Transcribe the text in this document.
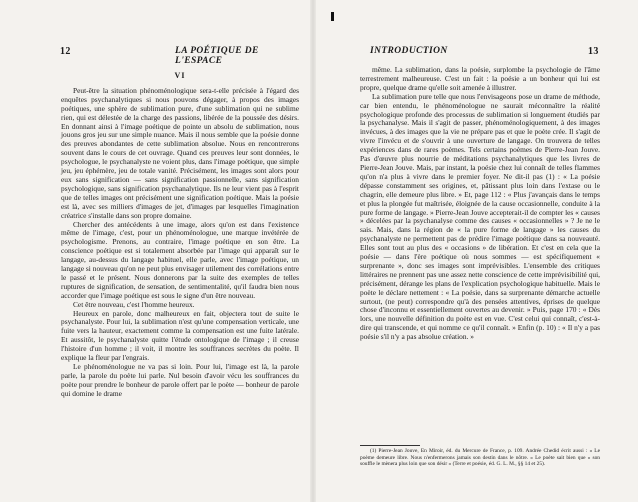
12	LA POÉTIQUE DE L'ESPACE
VI

Peut-être la situation phénoménologique sera-t-elle précisée à l'égard des enquêtes psychanalytiques si nous pouvons dégager, à propos des images poétiques, une sphère de sublimation pure, d'une sublimation qui ne sublime rien, qui est délestée de la charge des passions, libérée de la poussée des désirs. En donnant ainsi à l'image poétique de pointe un absolu de sublimation, nous jouons gros jeu sur une simple nuance. Mais il nous semble que la poésie donne des preuves abondantes de cette sublimation absolue. Nous en rencontrerons souvent dans le cours de cet ouvrage. Quand ces preuves leur sont données, le psychologue, le psychanalyste ne voient plus, dans l'image poétique, que simple jeu, jeu éphémère, jeu de totale vanité. Précisément, les images sont alors pour eux sans signification — sans signification passionnelle, sans signification psychologique, sans signification psychanalytique. Ils ne leur vient pas à l'esprit que de telles images ont précisément une signification poétique. Mais la poésie est là, avec ses milliers d'images de jet, d'images par lesquelles l'imagination créatrice s'installe dans son propre domaine.

Chercher des antécédents à une image, alors qu'on est dans l'existence même de l'image, c'est, pour un phénoménologue, une marque invétérée de psychologisme. Prenons, au contraire, l'image poétique en son être. La conscience poétique est si totalement absorbée par l'image qui apparaît sur le langage, au-dessus du langage habituel, elle parle, avec l'image poétique, un langage si nouveau qu'on ne peut plus envisager utilement des corrélations entre le passé et le présent. Nous donnerons par la suite des exemples de telles ruptures de signification, de sensation, de sentimentalité, qu'il faudra bien nous accorder que l'image poétique est sous le signe d'un être nouveau.

Cet être nouveau, c'est l'homme heureux.

Heureux en parole, donc malheureux en fait, objectera tout de suite le psychanalyste. Pour lui, la sublimation n'est qu'une compensation verticale, une fuite vers la hauteur, exactement comme la compensation est une fuite latérale. Et aussitôt, le psychanalyste quitte l'étude ontologique de l'image ; il creuse l'histoire d'un homme ; il voit, il montre les souffrances secrètes du poète. Il explique la fleur par l'engrais.

Le phénoménologue ne va pas si loin. Pour lui, l'image est là, la parole parle, la parole du poète lui parle. Nul besoin d'avoir vécu les souffrances du poète pour prendre le bonheur de parole offert par le poète — bonheur de parole qui domine le drame

INTRODUCTION	13

même. La sublimation, dans la poésie, surplombe la psychologie de l'âme terrestrement malheureuse. C'est un fait : la poésie a un bonheur qui lui est propre, quelque drame qu'elle soit amenée à illustrer.

La sublimation pure telle que nous l'envisageons pose un drame de méthode, car bien entendu, le phénoménologue ne saurait méconnaître la réalité psychologique profonde des processus de sublimation si longuement étudiés par la psychanalyse. Mais il s'agit de passer, phénoménologiquement, à des images invécues, à des images que la vie ne prépare pas et que le poète crée. Il s'agit de vivre l'invécu et de s'ouvrir à une ouverture de langage. On trouvera de telles expériences dans de rares poèmes. Tels certains poèmes de Pierre-Jean Jouve. Pas d'œuvre plus nourrie de méditations psychanalytiques que les livres de Pierre-Jean Jouve. Mais, par instant, la poésie chez lui connaît de telles flammes qu'on n'a plus à vivre dans le premier foyer. Ne dit-il pas (1) : « La poésie dépasse constamment ses origines, et, pâtissant plus loin dans l'extase ou le chagrin, elle demeure plus libre. » Et, page 112 : « Plus j'avançais dans le temps et plus la plongée fut maîtrisée, éloignée de la cause occasionnelle, conduite à la pure forme de langage. » Pierre-Jean Jouve accepterait-il de compter les « causes » décelées par la psychanalyse comme des causes « occasionnelles » ? Je ne le sais. Mais, dans la région de « la pure forme de langage » les causes du psychanalyste ne permettent pas de prédire l'image poétique dans sa nouveauté. Elles sont tout au plus des « occasions » de libération. Et c'est en cela que la poésie — dans l'ère poétique où nous sommes — est spécifiquement « surprenante », donc ses images sont imprévisibles. L'ensemble des critiques littéraires ne prennent pas une assez nette conscience de cette imprévisibilité qui, précisément, dérange les plans de l'explication psychologique habituelle. Mais le poète le déclare nettement : « La poésie, dans sa surprenante démarche actuelle surtout, (ne peut) correspondre qu'à des pensées attentives, éprises de quelque chose d'inconnu et essentiellement ouvertes au devenir. » Puis, page 170 : « Dès lors, une nouvelle définition du poète est en vue. C'est celui qui connaît, c'est-à-dire qui transcende, et qui nomme ce qu'il connaît. » Enfin (p. 10) : « Il n'y a pas poésie s'il n'y a pas absolue création. »

(1) Pierre-Jean Jouve, En Miroir, éd. du Mercure de France, p. 109. Andrée Chedid écrit aussi : « Le poème demeure libre. Nous n'enfermerons jamais son destin dans le nôtre. » Le poète sait bien que « son souffle le mènera plus loin que son désir » (Terre et poésie, éd. G. L. M., §§ 14 et 25).
